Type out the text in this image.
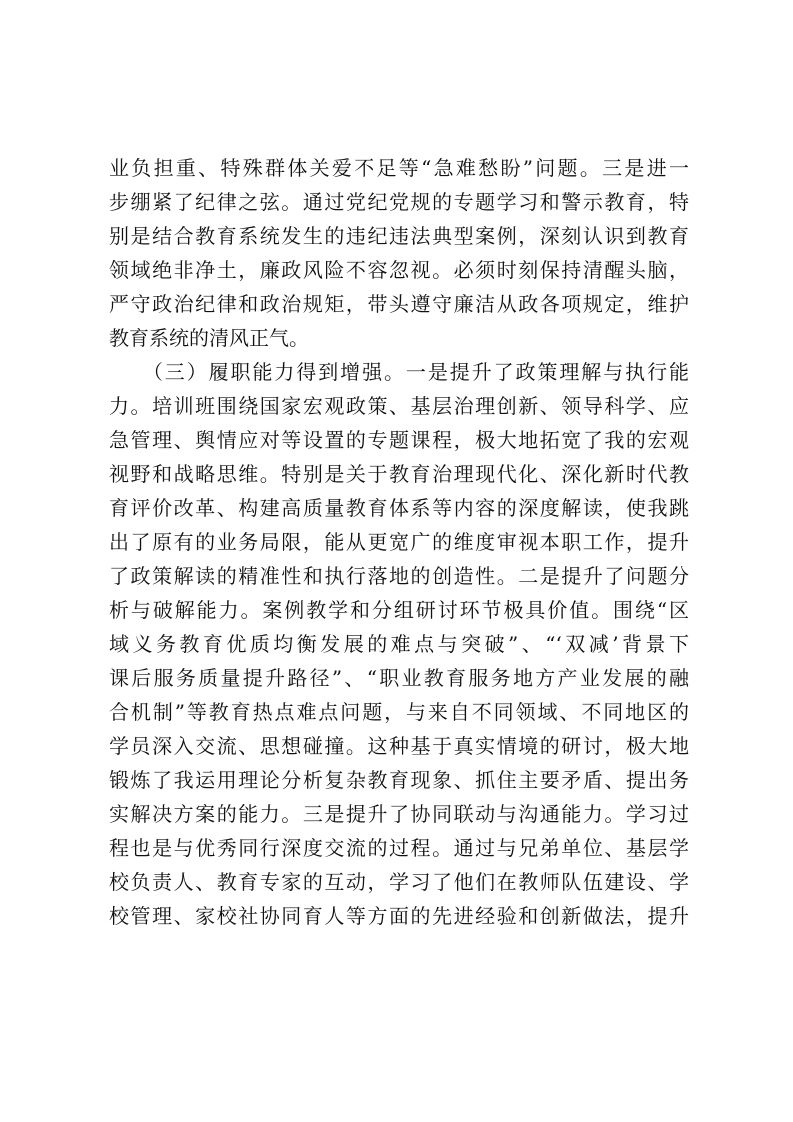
业负担重、特殊群体关爱不足等“急难愁盼”问题。三是进一
步绷紧了纪律之弦。通过党纪党规的专题学习和警示教育，特
别是结合教育系统发生的违纪违法典型案例，深刻认识到教育
领域绝非净土，廉政风险不容忽视。必须时刻保持清醒头脑，
严守政治纪律和政治规矩，带头遵守廉洁从政各项规定，维护
教育系统的清风正气。
　　（三）履职能力得到增强。一是提升了政策理解与执行能
力。培训班围绕国家宏观政策、基层治理创新、领导科学、应
急管理、舆情应对等设置的专题课程，极大地拓宽了我的宏观
视野和战略思维。特别是关于教育治理现代化、深化新时代教
育评价改革、构建高质量教育体系等内容的深度解读，使我跳
出了原有的业务局限，能从更宽广的维度审视本职工作，提升
了政策解读的精准性和执行落地的创造性。二是提升了问题分
析与破解能力。案例教学和分组研讨环节极具价值。围绕“区
域义务教育优质均衡发展的难点与突破”、“‘双减’背景下
课后服务质量提升路径”、“职业教育服务地方产业发展的融
合机制”等教育热点难点问题，与来自不同领域、不同地区的
学员深入交流、思想碰撞。这种基于真实情境的研讨，极大地
锻炼了我运用理论分析复杂教育现象、抓住主要矛盾、提出务
实解决方案的能力。三是提升了协同联动与沟通能力。学习过
程也是与优秀同行深度交流的过程。通过与兄弟单位、基层学
校负责人、教育专家的互动，学习了他们在教师队伍建设、学
校管理、家校社协同育人等方面的先进经验和创新做法，提升
